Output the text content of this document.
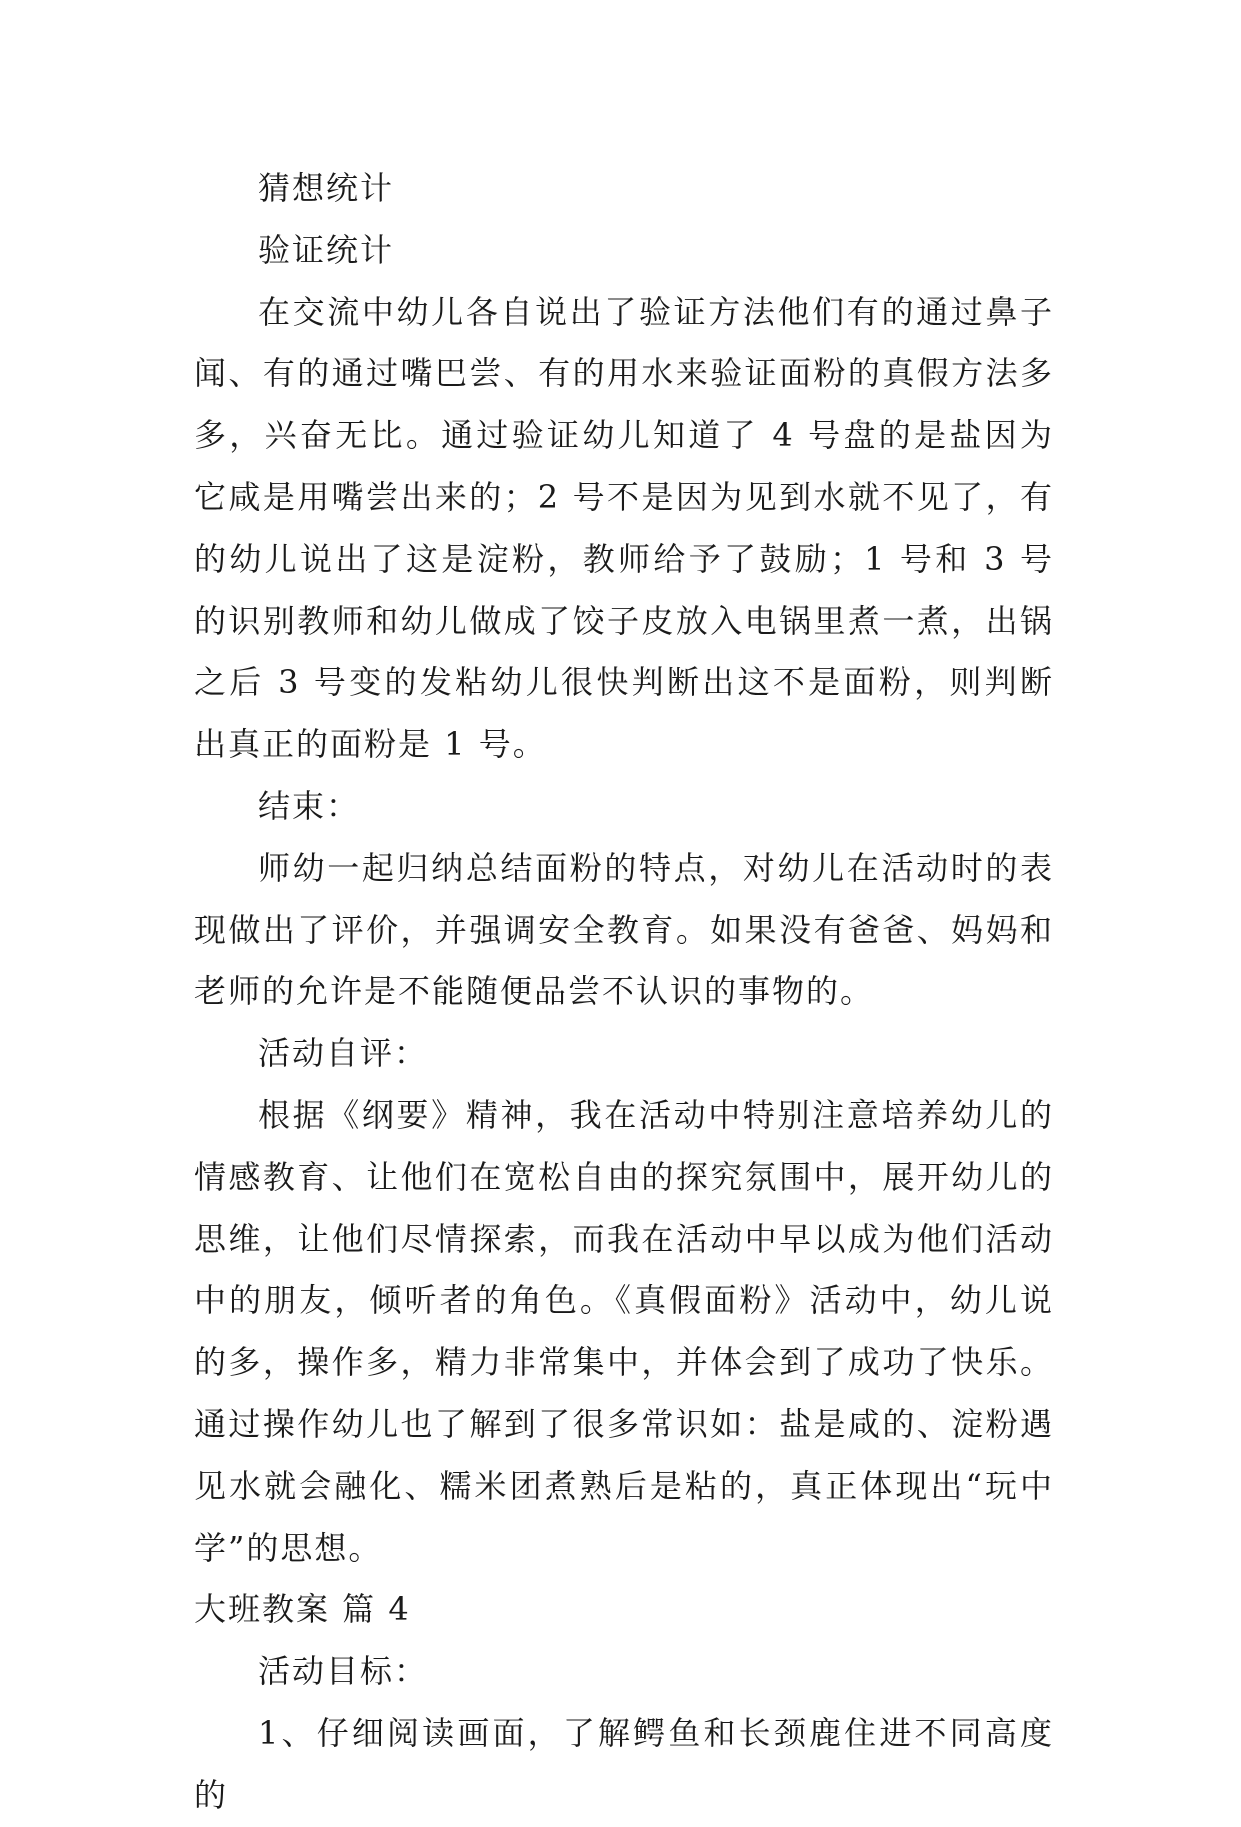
猜想统计

验证统计

在交流中幼儿各自说出了验证方法他们有的通过鼻子闻、有的通过嘴巴尝、有的用水来验证面粉的真假方法多多，兴奋无比。通过验证幼儿知道了 4 号盘的是盐因为它咸是用嘴尝出来的；2 号不是因为见到水就不见了，有的幼儿说出了这是淀粉，教师给予了鼓励；1 号和 3 号的识别教师和幼儿做成了饺子皮放入电锅里煮一煮，出锅之后 3 号变的发粘幼儿很快判断出这不是面粉，则判断出真正的面粉是 1 号。

结束：

师幼一起归纳总结面粉的特点，对幼儿在活动时的表现做出了评价，并强调安全教育。如果没有爸爸、妈妈和老师的允许是不能随便品尝不认识的事物的。

活动自评：

根据《纲要》精神，我在活动中特别注意培养幼儿的情感教育、让他们在宽松自由的探究氛围中，展开幼儿的思维，让他们尽情探索，而我在活动中早以成为他们活动中的朋友，倾听者的角色。《真假面粉》活动中，幼儿说的多，操作多，精力非常集中，并体会到了成功了快乐。通过操作幼儿也了解到了很多常识如：盐是咸的、淀粉遇见水就会融化、糯米团煮熟后是粘的，真正体现出“玩中学”的思想。

大班教案 篇 4

活动目标：

1、仔细阅读画面，了解鳄鱼和长颈鹿住进不同高度的
